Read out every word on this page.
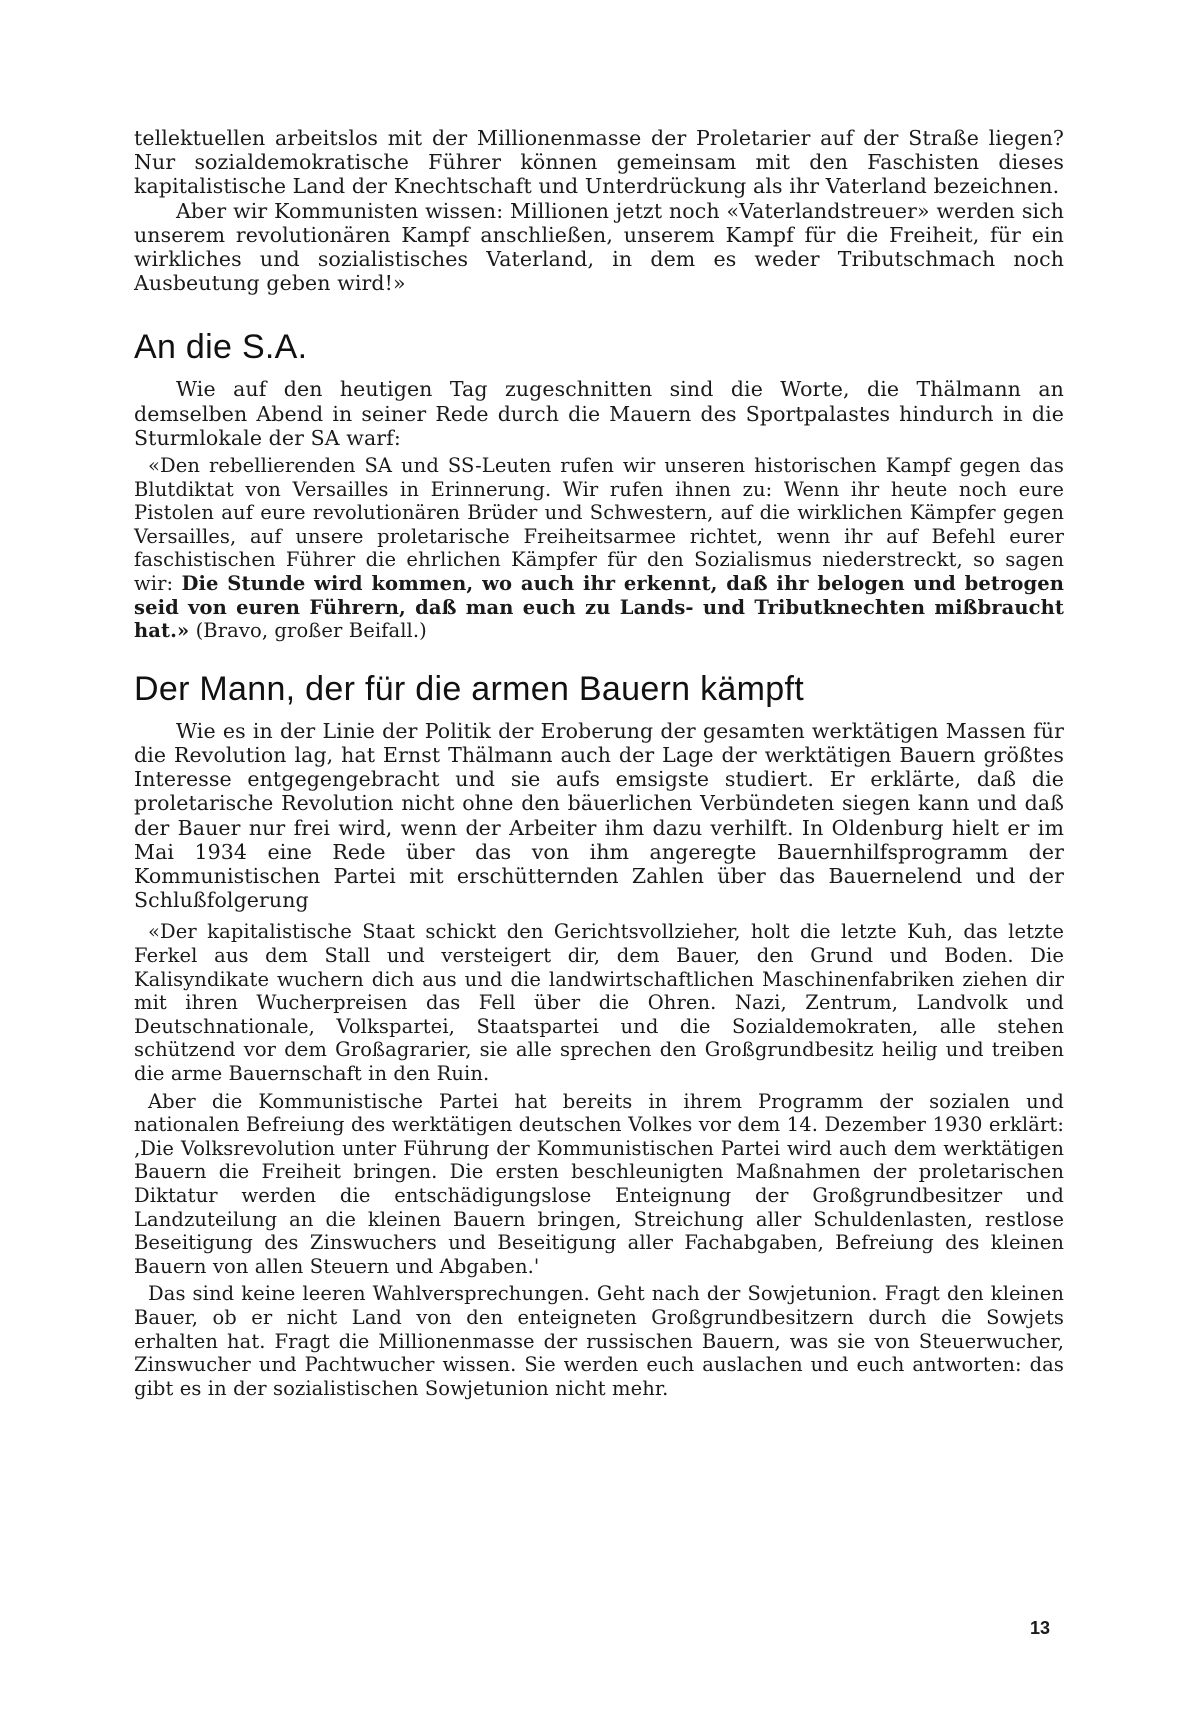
tellektuellen arbeitslos mit der Millionenmasse der Proletarier auf der Straße liegen? Nur sozialdemokratische Führer können gemeinsam mit den Faschisten dieses kapitalistische Land der Knechtschaft und Unterdrückung als ihr Vaterland bezeichnen.

Aber wir Kommunisten wissen: Millionen jetzt noch «Vaterlandstreuer» werden sich unserem revolutionären Kampf anschließen, unserem Kampf für die Freiheit, für ein wirkliches und sozialistisches Vaterland, in dem es weder Tributschmach noch Ausbeutung geben wird!»

An die S.A.

Wie auf den heutigen Tag zugeschnitten sind die Worte, die Thälmann an demselben Abend in seiner Rede durch die Mauern des Sportpalastes hindurch in die Sturmlokale der SA warf:

«Den rebellierenden SA und SS-Leuten rufen wir unseren historischen Kampf gegen das Blutdiktat von Versailles in Erinnerung. Wir rufen ihnen zu: Wenn ihr heute noch eure Pistolen auf eure revolutionären Brüder und Schwestern, auf die wirklichen Kämpfer gegen Versailles, auf unsere proletarische Freiheitsarmee richtet, wenn ihr auf Befehl eurer faschistischen Führer die ehrlichen Kämpfer für den Sozialismus niederstreckt, so sagen wir: Die Stunde wird kommen, wo auch ihr erkennt, daß ihr belogen und betrogen seid von euren Führern, daß man euch zu Lands- und Tributknechten mißbraucht hat.» (Bravo, großer Beifall.)

Der Mann, der für die armen Bauern kämpft

Wie es in der Linie der Politik der Eroberung der gesamten werktätigen Massen für die Revolution lag, hat Ernst Thälmann auch der Lage der werktätigen Bauern größtes Interesse entgegengebracht und sie aufs emsigste studiert. Er erklärte, daß die proletarische Revolution nicht ohne den bäuerlichen Verbündeten siegen kann und daß der Bauer nur frei wird, wenn der Arbeiter ihm dazu verhilft. In Oldenburg hielt er im Mai 1934 eine Rede über das von ihm angeregte Bauernhilfsprogramm der Kommunistischen Partei mit erschütternden Zahlen über das Bauernelend und der Schlußfolgerung

«Der kapitalistische Staat schickt den Gerichtsvollzieher, holt die letzte Kuh, das letzte Ferkel aus dem Stall und versteigert dir, dem Bauer, den Grund und Boden. Die Kalisyndikate wuchern dich aus und die landwirtschaftlichen Maschinenfabriken ziehen dir mit ihren Wucherpreisen das Fell über die Ohren. Nazi, Zentrum, Landvolk und Deutschnationale, Volkspartei, Staatspartei und die Sozialdemokraten, alle stehen schützend vor dem Großagrarier, sie alle sprechen den Großgrundbesitz heilig und treiben die arme Bauernschaft in den Ruin.

Aber die Kommunistische Partei hat bereits in ihrem Programm der sozialen und nationalen Befreiung des werktätigen deutschen Volkes vor dem 14. Dezember 1930 erklärt: ‚Die Volksrevolution unter Führung der Kommunistischen Partei wird auch dem werktätigen Bauern die Freiheit bringen. Die ersten beschleunigten Maßnahmen der proletarischen Diktatur werden die entschädigungslose Enteignung der Großgrundbesitzer und Landzuteilung an die kleinen Bauern bringen, Streichung aller Schuldenlasten, restlose Beseitigung des Zinswuchers und Beseitigung aller Fachabgaben, Befreiung des kleinen Bauern von allen Steuern und Abgaben.'

Das sind keine leeren Wahlversprechungen. Geht nach der Sowjetunion. Fragt den kleinen Bauer, ob er nicht Land von den enteigneten Großgrundbesitzern durch die Sowjets erhalten hat. Fragt die Millionenmasse der russischen Bauern, was sie von Steuerwucher, Zinswucher und Pachtwucher wissen. Sie werden euch auslachen und euch antworten: das gibt es in der sozialistischen Sowjetunion nicht mehr.

13
